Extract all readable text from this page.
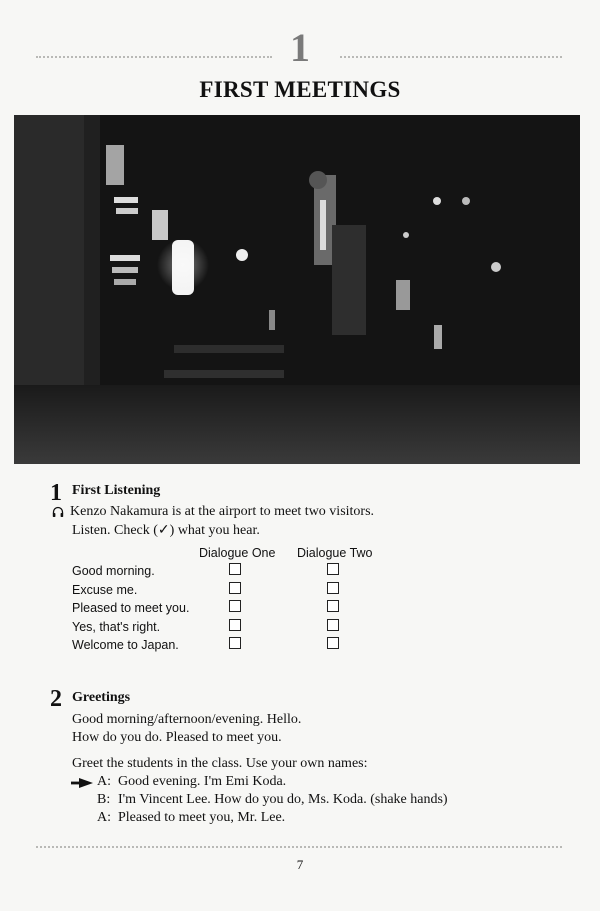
1
FIRST MEETINGS
1 First Listening
Kenzo Nakamura is at the airport to meet two visitors.
Listen. Check (✓) what you hear.
Dialogue One Dialogue Two
Good morning.
Excuse me.
Pleased to meet you.
Yes, that's right.
Welcome to Japan.
2 Greetings
Good morning/afternoon/evening. Hello.
How do you do. Pleased to meet you.
Greet the students in the class. Use your own names:
A: Good evening. I'm Emi Koda.
B: I'm Vincent Lee. How do you do, Ms. Koda. (shake hands)
A: Pleased to meet you, Mr. Lee.
7
